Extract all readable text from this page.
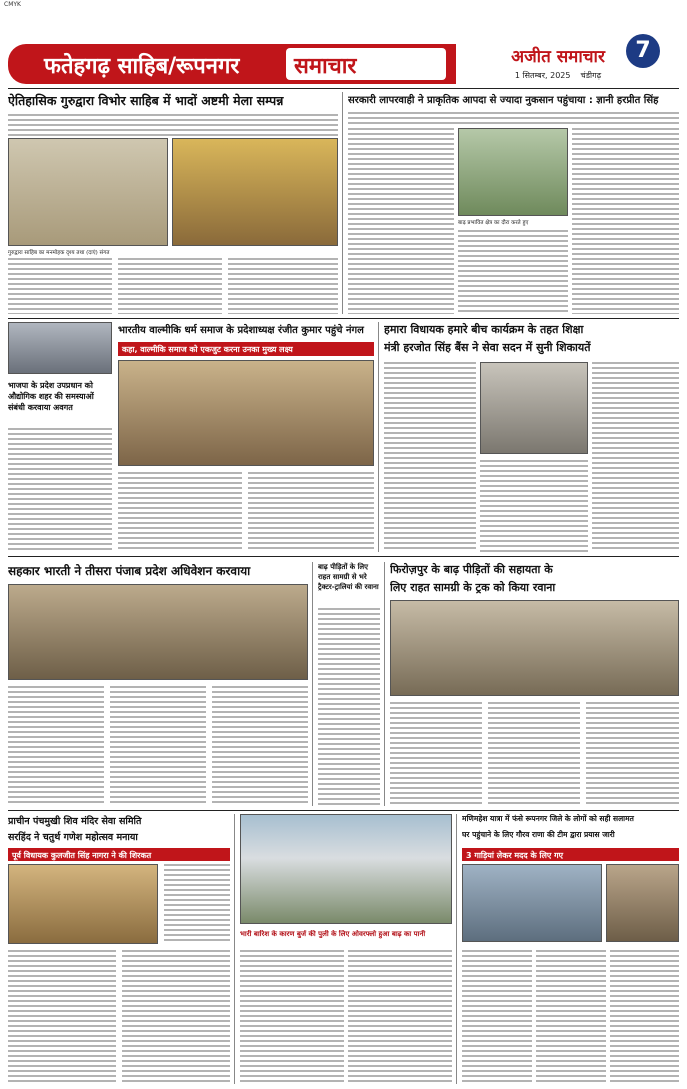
CMYK
फतेहगढ़ साहिब/रूपनगर समाचार	अजीत समाचार
1 सितम्बर, 2025 चंडीगढ़
7
ऐतिहासिक गुरुद्वारा विभोर साहिब में भादों अष्टमी मेला सम्पन्न
गुरुद्वारा साहिब का मनमोहक दृश्य तथा (दाएं) संगत
सरकारी लापरवाही ने प्राकृतिक आपदा से ज्यादा नुकसान पहुंचाया : ज्ञानी हरप्रीत सिंह
बाढ़ प्रभावित क्षेत्र का दौरा करते हुए
भारतीय वाल्मीकि धर्म समाज के प्रदेशाध्यक्ष रंजीत कुमार पहुंचे नंगल
कहा, वाल्मीकि समाज को एकजुट करना उनका मुख्य लक्ष्य
भाजपा के प्रदेश उपप्रधान को औद्योगिक शहर की समस्याओं संबंधी करवाया अवगत
हमारा विधायक हमारे बीच कार्यक्रम के तहत शिक्षा
मंत्री हरजोत सिंह बैंस ने सेवा सदन में सुनी शिकायतें
सहकार भारती ने तीसरा पंजाब प्रदेश अधिवेशन करवाया	बाढ़ पीड़ितों के लिए राहत सामग्री से भरे ट्रैक्टर-ट्रालियां की रवाना
फिरोज़पुर के बाढ़ पीड़ितों की सहायता के
लिए राहत सामग्री के ट्रक को किया रवाना
प्राचीन पंचमुखी शिव मंदिर सेवा समिति
सरहिंद ने चतुर्थ गणेश महोत्सव मनाया
पूर्व विधायक कुलजीत सिंह नागरा ने की शिरकत
भारी बारिश के कारण बुर्ज की पुली के लिए ओवरफ्लो हुआ बाढ़ का पानी
मणिमहेश यात्रा में फंसे रूपनगर जिले के लोगों को सही सलामत
घर पहुंचाने के लिए गौरव राणा की टीम द्वारा प्रयास जारी
3 गाड़ियां लेकर मदद के लिए गए
